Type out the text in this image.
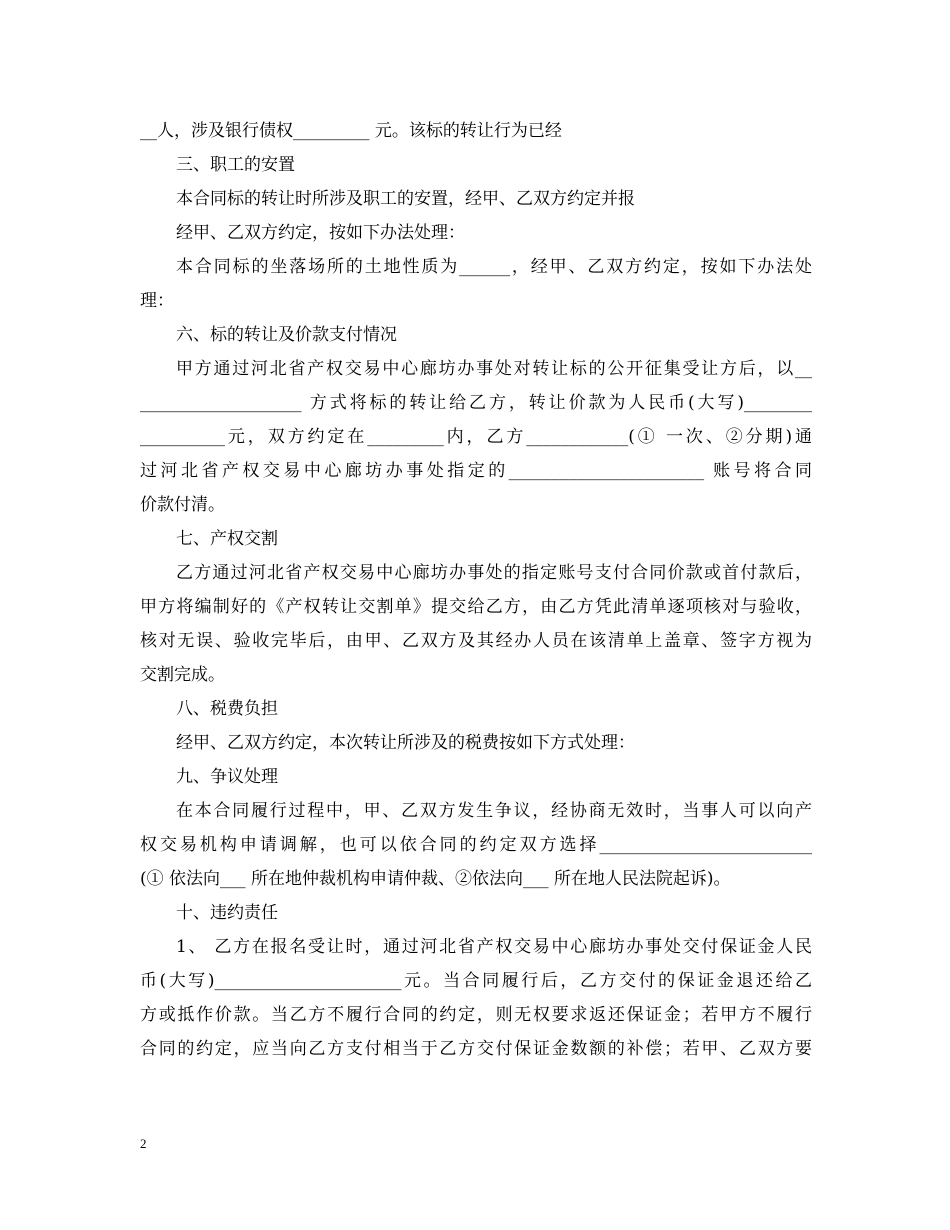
__人，涉及银行债权_________ 元。该标的转让行为已经
三、职工的安置
本合同标的转让时所涉及职工的安置，经甲、乙双方约定并报
经甲、乙双方约定，按如下办法处理：
本合同标的坐落场所的土地性质为______，经甲、乙双方约定，按如下办法处
理：
六、标的转让及价款支付情况
甲方通过河北省产权交易中心廊坊办事处对转让标的公开征集受让方后，以__
___________________ 方式将标的转让给乙方，转让价款为人民币(大写)________
__________元，双方约定在_________内，乙方____________(① 一次、②分期)通
过河北省产权交易中心廊坊办事处指定的_______________________ 账号将合同
价款付清。
七、产权交割
乙方通过河北省产权交易中心廊坊办事处的指定账号支付合同价款或首付款后，
甲方将编制好的《产权转让交割单》提交给乙方，由乙方凭此清单逐项核对与验收，
核对无误、验收完毕后，由甲、乙双方及其经办人员在该清单上盖章、签字方视为
交割完成。
八、税费负担
经甲、乙双方约定，本次转让所涉及的税费按如下方式处理：
九、争议处理
在本合同履行过程中，甲、乙双方发生争议，经协商无效时，当事人可以向产
权交易机构申请调解，也可以依合同的约定双方选择_________________________
(① 依法向___ 所在地仲裁机构申请仲裁、②依法向___ 所在地人民法院起诉)。
十、违约责任
1、 乙方在报名受让时，通过河北省产权交易中心廊坊办事处交付保证金人民
币(大写)______________________元。当合同履行后，乙方交付的保证金退还给乙
方或抵作价款。当乙方不履行合同的约定，则无权要求返还保证金；若甲方不履行
合同的约定，应当向乙方支付相当于乙方交付保证金数额的补偿；若甲、乙双方要
2
